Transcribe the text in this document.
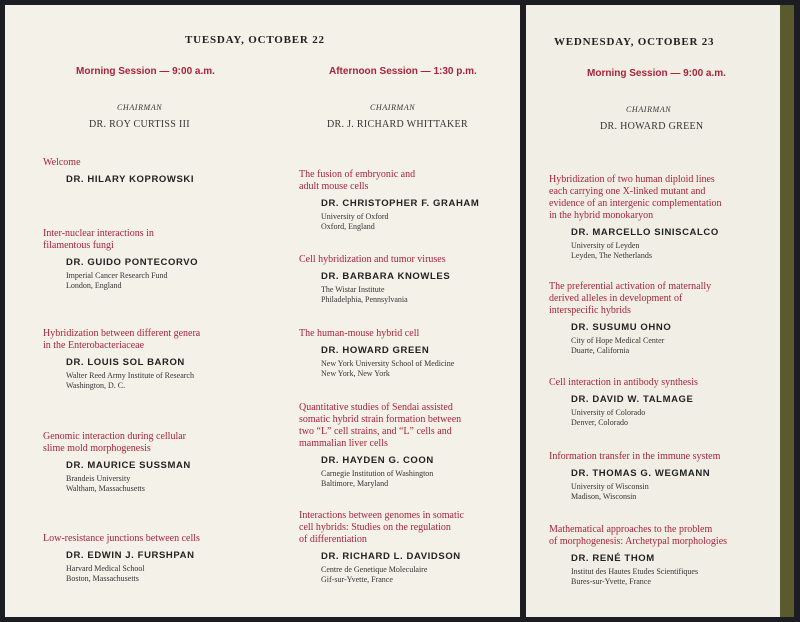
TUESDAY, OCTOBER 22
Morning Session — 9:00 a.m.
CHAIRMAN
DR. ROY CURTISS III
Afternoon Session — 1:30 p.m.
CHAIRMAN
DR. J. RICHARD WHITTAKER
WEDNESDAY, OCTOBER 23
Morning Session — 9:00 a.m.
CHAIRMAN
DR. HOWARD GREEN
Welcome
DR. HILARY KOPROWSKI
Inter-nuclear interactions in
filamentous fungi
DR. GUIDO PONTECORVO
Imperial Cancer Research Fund
London, England
Hybridization between different genera
in the Enterobacteriaceae
DR. LOUIS SOL BARON
Walter Reed Army Institute of Research
Washington, D. C.
Genomic interaction during cellular
slime mold morphogenesis
DR. MAURICE SUSSMAN
Brandeis University
Waltham, Massachusetts
Low-resistance junctions between cells
DR. EDWIN J. FURSHPAN
Harvard Medical School
Boston, Massachusetts
The fusion of embryonic and
adult mouse cells
DR. CHRISTOPHER F. GRAHAM
University of Oxford
Oxford, England
Cell hybridization and tumor viruses
DR. BARBARA KNOWLES
The Wistar Institute
Philadelphia, Pennsylvania
The human-mouse hybrid cell
DR. HOWARD GREEN
New York University School of Medicine
New York, New York
Quantitative studies of Sendai assisted
somatic hybrid strain formation between
two “L” cell strains, and “L” cells and
mammalian liver cells
DR. HAYDEN G. COON
Carnegie Institution of Washington
Baltimore, Maryland
Interactions between genomes in somatic
cell hybrids: Studies on the regulation
of differentiation
DR. RICHARD L. DAVIDSON
Centre de Genetique Moleculaire
Gif-sur-Yvette, France
Hybridization of two human diploid lines
each carrying one X-linked mutant and
evidence of an intergenic complementation
in the hybrid monokaryon
DR. MARCELLO SINISCALCO
University of Leyden
Leyden, The Netherlands
The preferential activation of maternally
derived alleles in development of
interspecific hybrids
DR. SUSUMU OHNO
City of Hope Medical Center
Duarte, California
Cell interaction in antibody synthesis
DR. DAVID W. TALMAGE
University of Colorado
Denver, Colorado
Information transfer in the immune system
DR. THOMAS G. WEGMANN
University of Wisconsin
Madison, Wisconsin
Mathematical approaches to the problem
of morphogenesis: Archetypal morphologies
DR. RENÉ THOM
Institut des Hautes Etudes Scientifiques
Bures-sur-Yvette, France
